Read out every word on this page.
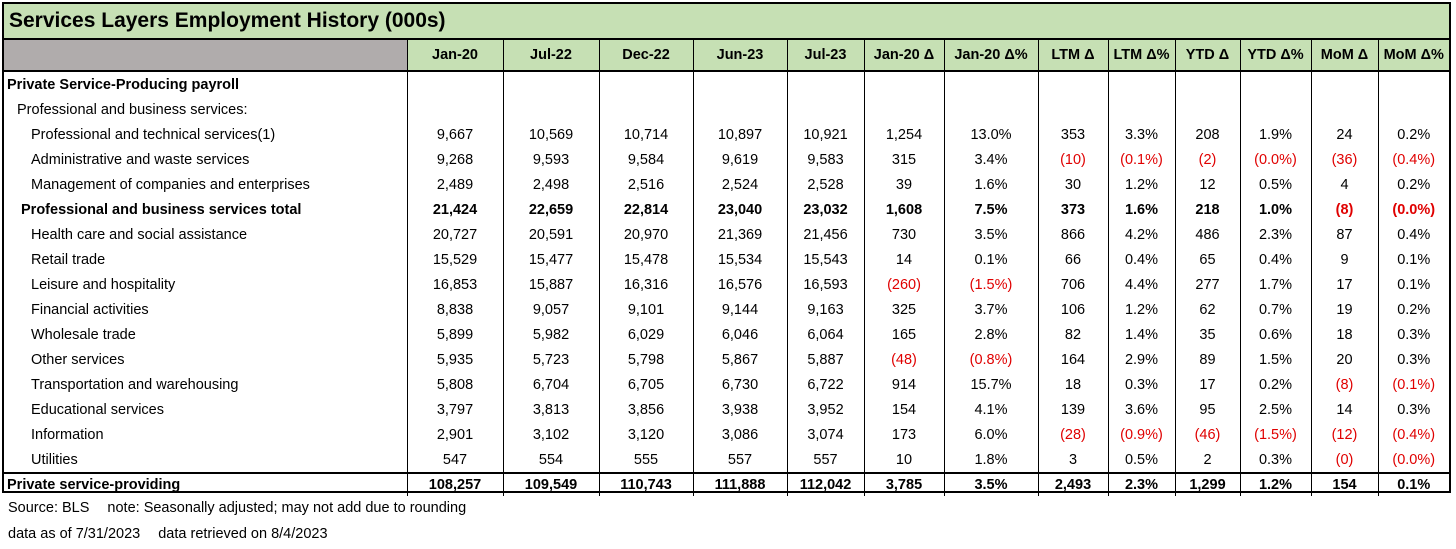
Services Layers Employment History (000s)
	Jan-20	Jul-22	Dec-22	Jun-23	Jul-23	Jan-20 Δ	Jan-20 Δ%	LTM Δ	LTM Δ%	YTD Δ	YTD Δ%	MoM Δ	MoM Δ%
Private Service-Producing payroll													
Professional and business services:													
Professional and technical services(1)	9,667	10,569	10,714	10,897	10,921	1,254	13.0%	353	3.3%	208	1.9%	24	0.2%
Administrative and waste services	9,268	9,593	9,584	9,619	9,583	315	3.4%	(10)	(0.1%)	(2)	(0.0%)	(36)	(0.4%)
Management of companies and enterprises	2,489	2,498	2,516	2,524	2,528	39	1.6%	30	1.2%	12	0.5%	4	0.2%
Professional and business services total	21,424	22,659	22,814	23,040	23,032	1,608	7.5%	373	1.6%	218	1.0%	(8)	(0.0%)
Health care and social assistance	20,727	20,591	20,970	21,369	21,456	730	3.5%	866	4.2%	486	2.3%	87	0.4%
Retail trade	15,529	15,477	15,478	15,534	15,543	14	0.1%	66	0.4%	65	0.4%	9	0.1%
Leisure and hospitality	16,853	15,887	16,316	16,576	16,593	(260)	(1.5%)	706	4.4%	277	1.7%	17	0.1%
Financial activities	8,838	9,057	9,101	9,144	9,163	325	3.7%	106	1.2%	62	0.7%	19	0.2%
Wholesale trade	5,899	5,982	6,029	6,046	6,064	165	2.8%	82	1.4%	35	0.6%	18	0.3%
Other services	5,935	5,723	5,798	5,867	5,887	(48)	(0.8%)	164	2.9%	89	1.5%	20	0.3%
Transportation and warehousing	5,808	6,704	6,705	6,730	6,722	914	15.7%	18	0.3%	17	0.2%	(8)	(0.1%)
Educational services	3,797	3,813	3,856	3,938	3,952	154	4.1%	139	3.6%	95	2.5%	14	0.3%
Information	2,901	3,102	3,120	3,086	3,074	173	6.0%	(28)	(0.9%)	(46)	(1.5%)	(12)	(0.4%)
Utilities	547	554	555	557	557	10	1.8%	3	0.5%	2	0.3%	(0)	(0.0%)
Private service-providing	108,257	109,549	110,743	111,888	112,042	3,785	3.5%	2,493	2.3%	1,299	1.2%	154	0.1%
Source: BLS note: Seasonally adjusted; may not add due to rounding
data as of 7/31/2023 data retrieved on 8/4/2023
